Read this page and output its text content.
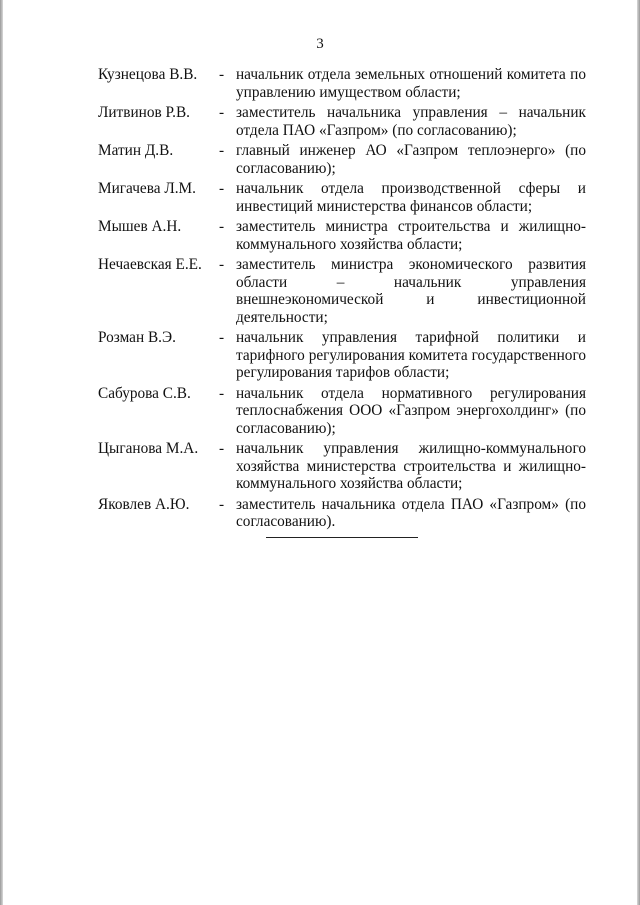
3
Кузнецова В.В. - начальник отдела земельных отношений комитета по управлению имуществом области;
Литвинов Р.В. - заместитель начальника управления – начальник отдела ПАО «Газпром» (по согласованию);
Матин Д.В.	- главный инженер АО «Газпром теплоэнерго» (по согласованию);
Мигачева Л.М. - начальник отдела производственной сферы и инвестиций министерства финансов области;
Мышев А.Н. - заместитель министра строительства и жилищно-коммунального хозяйства области;
Нечаевская Е.Е. - заместитель министра экономического развития области – начальник управления внешнеэкономической и инвестиционной деятельности;
Розман В.Э.	- начальник управления тарифной политики и тарифного регулирования комитета государственного регулирования тарифов области;
Сабурова С.В. - начальник отдела нормативного регулирования теплоснабжения ООО «Газпром энергохолдинг» (по согласованию);
Цыганова М.А. - начальник управления жилищно-коммунального хозяйства министерства строительства и жилищно-коммунального хозяйства области;
Яковлев А.Ю. - заместитель начальника отдела ПАО «Газпром» (по согласованию).
